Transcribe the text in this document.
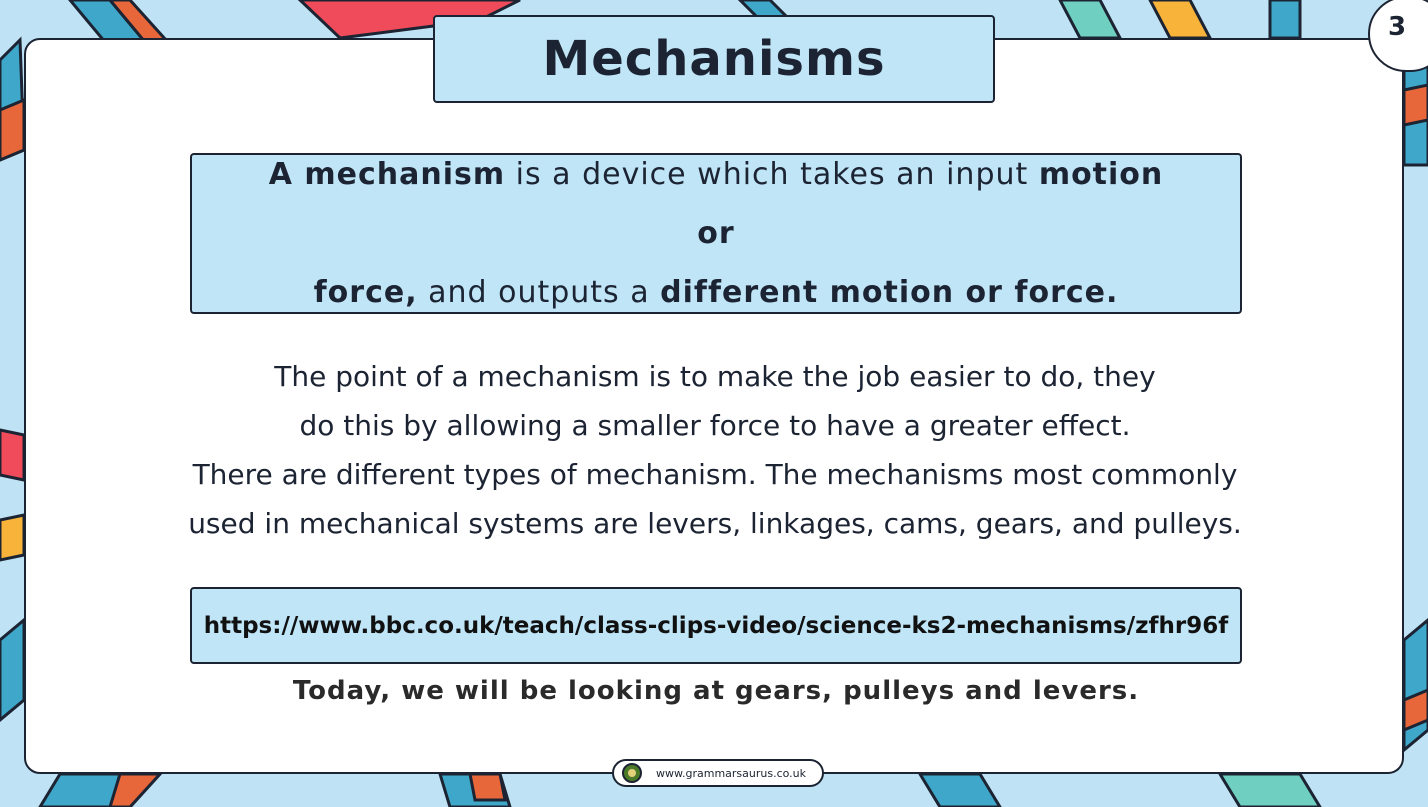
3
Mechanisms

A mechanism is a device which takes an input motion or
force, and outputs a different motion or force.

The point of a mechanism is to make the job easier to do, they
do this by allowing a smaller force to have a greater effect.
There are different types of mechanism. The mechanisms most commonly
used in mechanical systems are levers, linkages, cams, gears, and pulleys.
https://www.bbc.co.uk/teach/class-clips-video/science-ks2-mechanisms/zfhr96f
Today, we will be looking at gears, pulleys and levers.
www.grammarsaurus.co.uk
